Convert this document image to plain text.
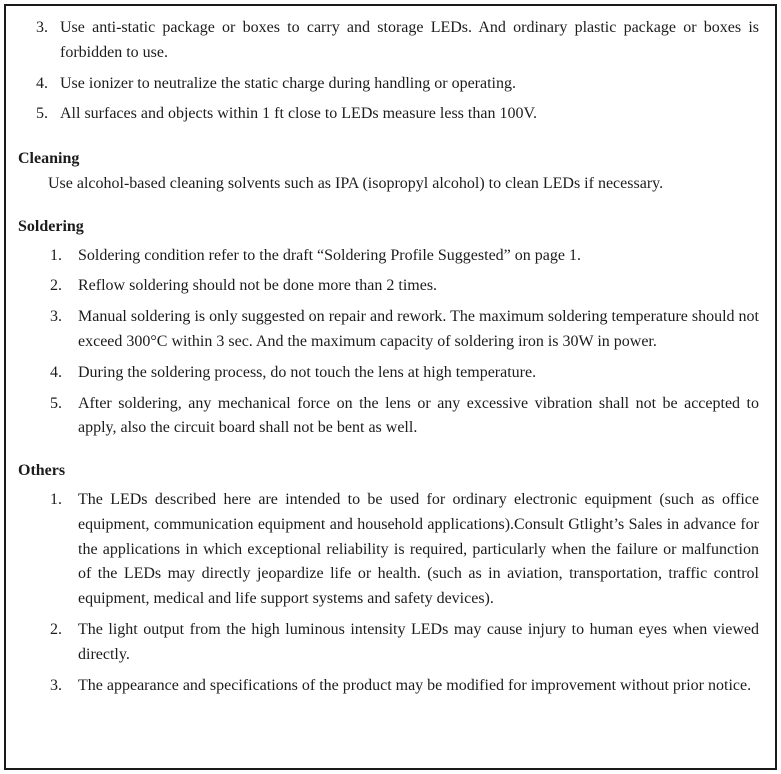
3. Use anti-static package or boxes to carry and storage LEDs. And ordinary plastic package or boxes is forbidden to use.
4. Use ionizer to neutralize the static charge during handling or operating.
5. All surfaces and objects within 1 ft close to LEDs measure less than 100V.
Cleaning
Use alcohol-based cleaning solvents such as IPA (isopropyl alcohol) to clean LEDs if necessary.
Soldering
1.	Soldering condition refer to the draft “Soldering Profile Suggested” on page 1.
2.	Reflow soldering should not be done more than 2 times.
3.	Manual soldering is only suggested on repair and rework. The maximum soldering temperature should not exceed 300°C within 3 sec. And the maximum capacity of soldering iron is 30W in power.
4.	During the soldering process, do not touch the lens at high temperature.
5.	After soldering, any mechanical force on the lens or any excessive vibration shall not be accepted to apply, also the circuit board shall not be bent as well.
Others
1.	The LEDs described here are intended to be used for ordinary electronic equipment (such as office equipment, communication equipment and household applications).Consult Gtlight’s Sales in advance for the applications in which exceptional reliability is required, particularly when the failure or malfunction of the LEDs may directly jeopardize life or health. (such as in aviation, transportation, traffic control equipment, medical and life support systems and safety devices).
2.	The light output from the high luminous intensity LEDs may cause injury to human eyes when viewed directly.
3.	The appearance and specifications of the product may be modified for improvement without prior notice.
